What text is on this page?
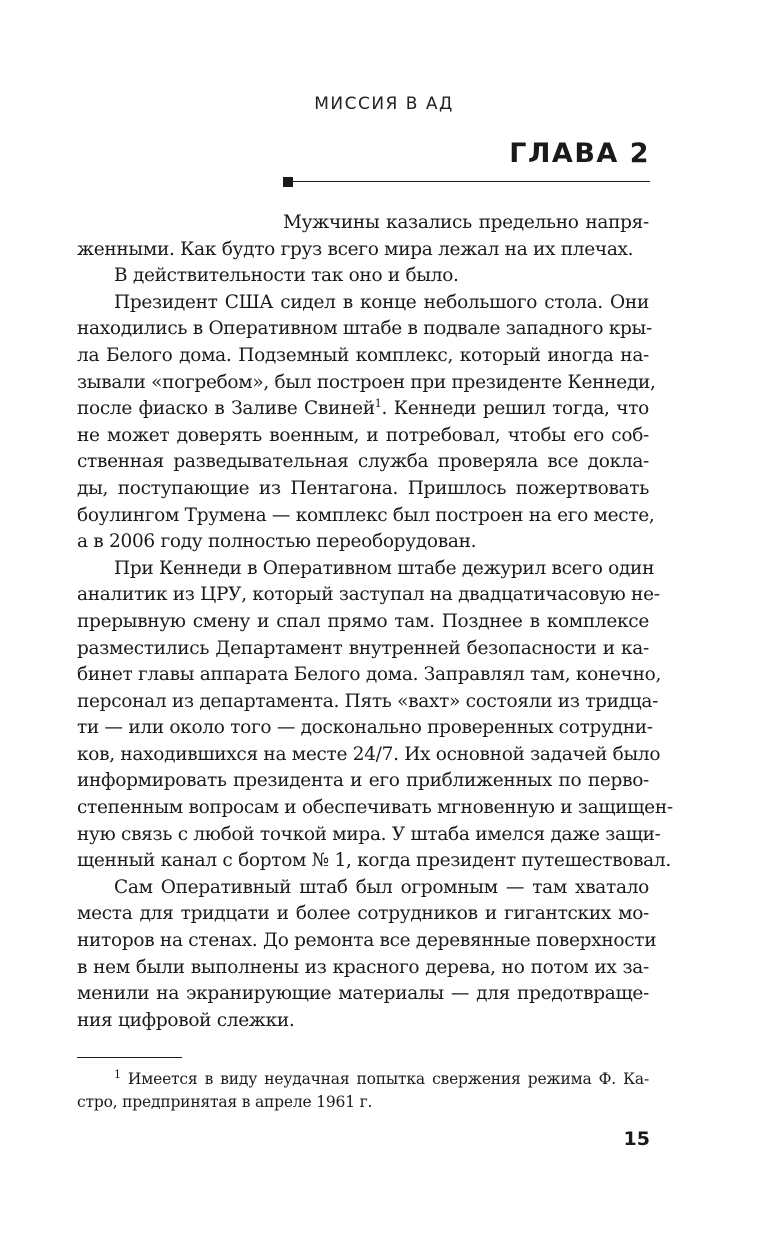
МИССИЯ В АД
ГЛАВА 2
Мужчины казались предельно напря-
женными. Как будто груз всего мира лежал на их плечах.
В действительности так оно и было.
Президент США сидел в конце небольшого стола. Они
находились в Оперативном штабе в подвале западного кры-
ла Белого дома. Подземный комплекс, который иногда на-
зывали «погребом», был построен при президенте Кеннеди,
после фиаско в Заливе Свиней$^1$. Кеннеди решил тогда, что
не может доверять военным, и потребовал, чтобы его соб-
ственная разведывательная служба проверяла все доклa-
ды, поступающие из Пентагона. Пришлось пожертвовать
боулингом Трумена — комплекс был построен на его месте,
а в 2006 году полностью переоборудован.
При Кеннеди в Оперативном штабе дежурил всего один
аналитик из ЦРУ, который заступал на двадцатичасовую не-
прерывную смену и спал прямо там. Позднее в комплексе
разместились Департамент внутренней безопасности и ка-
бинет главы аппарата Белого дома. Заправлял там, конечно,
персонал из департамента. Пять «вахт» состояли из тридца-
ти — или около того — досконально проверенных сотрудни-
ков, находившихся на месте 24/7. Их основной задачей было
информировать президента и его приближенных по перво-
степенным вопросам и обеспечивать мгновенную и защищен-
ную связь с любой точкой мира. У штаба имелся даже защи-
щенный канал с бортом № 1, когда президент путешествовал.
Сам Оперативный штаб был огромным — там хватало
места для тридцати и более сотрудников и гигантских мо-
ниторов на стенах. До ремонта все деревянные поверхности
в нем были выполнены из красного дерева, но потом их за-
менили на экранирующие материалы — для предотвраще-
ния цифровой слежки.
$^1$ Имеется в виду неудачная попытка свержения режима Ф. Ка-
стро, предпринятая в апреле 1961 г.
15
